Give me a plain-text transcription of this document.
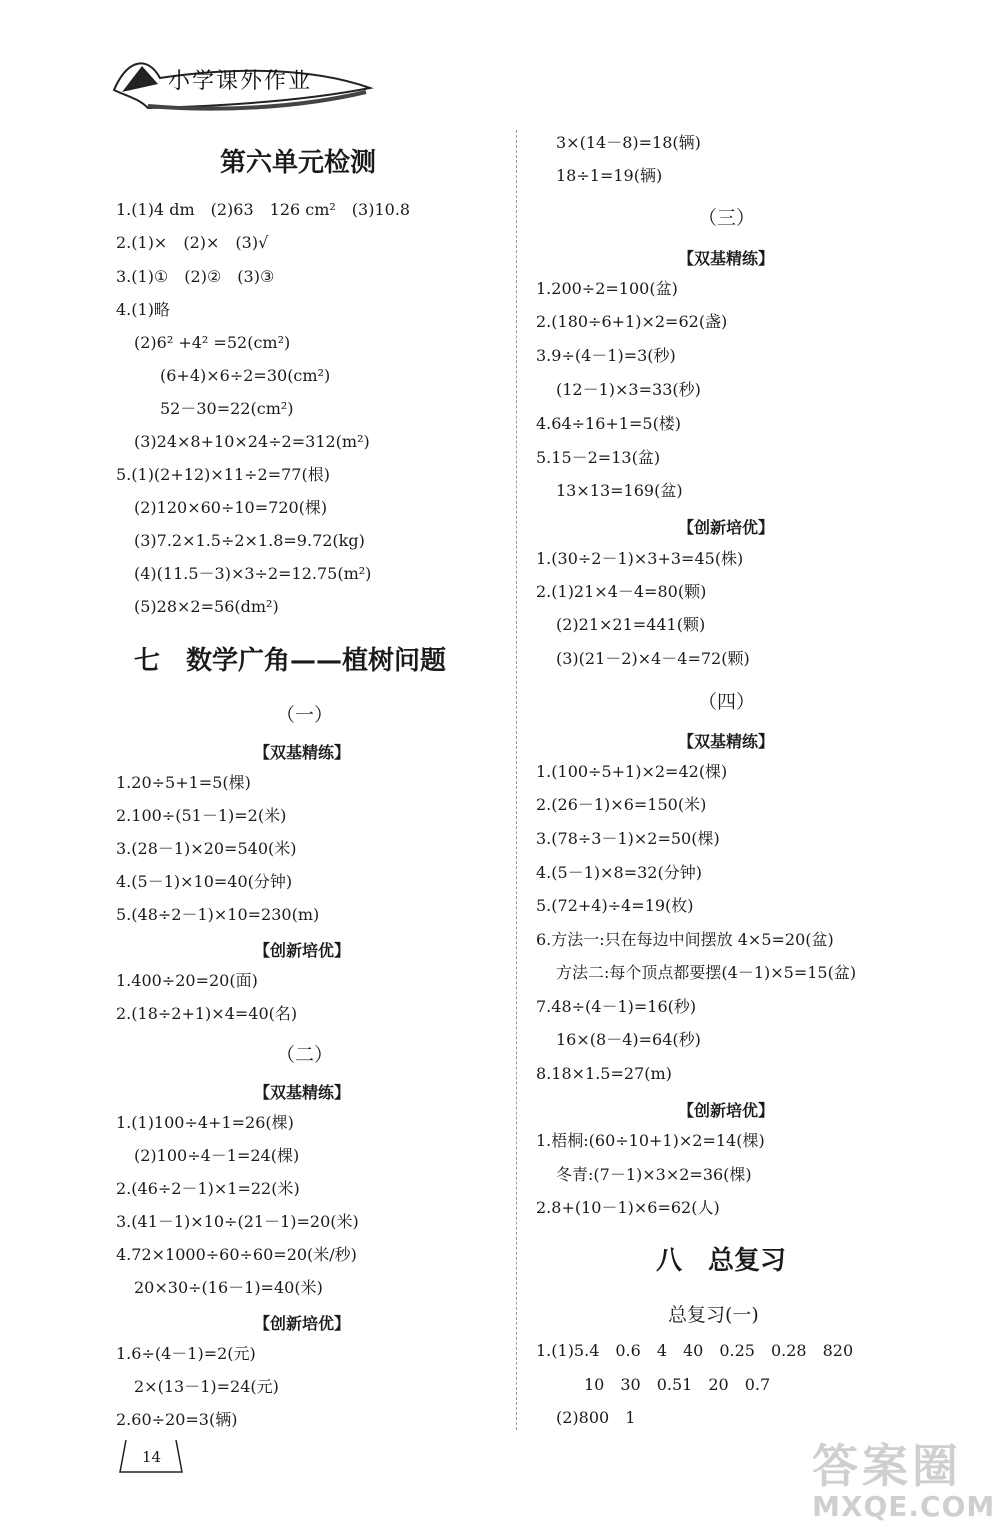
小学课外作业
第六单元检测
1.(1)4 dm　(2)63　126 cm²　(3)10.8
2.(1)×　(2)×　(3)√
3.(1)①　(2)②　(3)③
4.(1)略
(2)6² +4² =52(cm²)
(6+4)×6÷2=30(cm²)
52－30=22(cm²)
(3)24×8+10×24÷2=312(m²)
5.(1)(2+12)×11÷2=77(根)
(2)120×60÷10=720(棵)
(3)7.2×1.5÷2×1.8=9.72(kg)
(4)(11.5－3)×3÷2=12.75(m²)
(5)28×2=56(dm²)
七　数学广角——植树问题
（一）
【双基精练】
1.20÷5+1=5(棵)
2.100÷(51－1)=2(米)
3.(28－1)×20=540(米)
4.(5－1)×10=40(分钟)
5.(48÷2－1)×10=230(m)
【创新培优】
1.400÷20=20(面)
2.(18÷2+1)×4=40(名)
（二）
【双基精练】
1.(1)100÷4+1=26(棵)
(2)100÷4－1=24(棵)
2.(46÷2－1)×1=22(米)
3.(41－1)×10÷(21－1)=20(米)
4.72×1000÷60÷60=20(米/秒)
20×30÷(16－1)=40(米)
【创新培优】
1.6÷(4－1)=2(元)
2×(13－1)=24(元)
2.60÷20=3(辆)
3×(14－8)=18(辆)
18÷1=19(辆)
（三）
【双基精练】
1.200÷2=100(盆)
2.(180÷6+1)×2=62(盏)
3.9÷(4－1)=3(秒)
(12－1)×3=33(秒)
4.64÷16+1=5(楼)
5.15－2=13(盆)
13×13=169(盆)
【创新培优】
1.(30÷2－1)×3+3=45(株)
2.(1)21×4－4=80(颗)
(2)21×21=441(颗)
(3)(21－2)×4－4=72(颗)
（四）
【双基精练】
1.(100÷5+1)×2=42(棵)
2.(26－1)×6=150(米)
3.(78÷3－1)×2=50(棵)
4.(5－1)×8=32(分钟)
5.(72+4)÷4=19(枚)
6.方法一:只在每边中间摆放 4×5=20(盆)
方法二:每个顶点都要摆(4－1)×5=15(盆)
7.48÷(4－1)=16(秒)
16×(8－4)=64(秒)
8.18×1.5=27(m)
【创新培优】
1.梧桐:(60÷10+1)×2=14(棵)
冬青:(7－1)×3×2=36(棵)
2.8+(10－1)×6=62(人)
八　总复习
总复习(一)
1.(1)5.4　0.6　4　40　0.25　0.28　820
10　30　0.51　20　0.7
(2)800　1
14	答案圈
MXQE.COM
